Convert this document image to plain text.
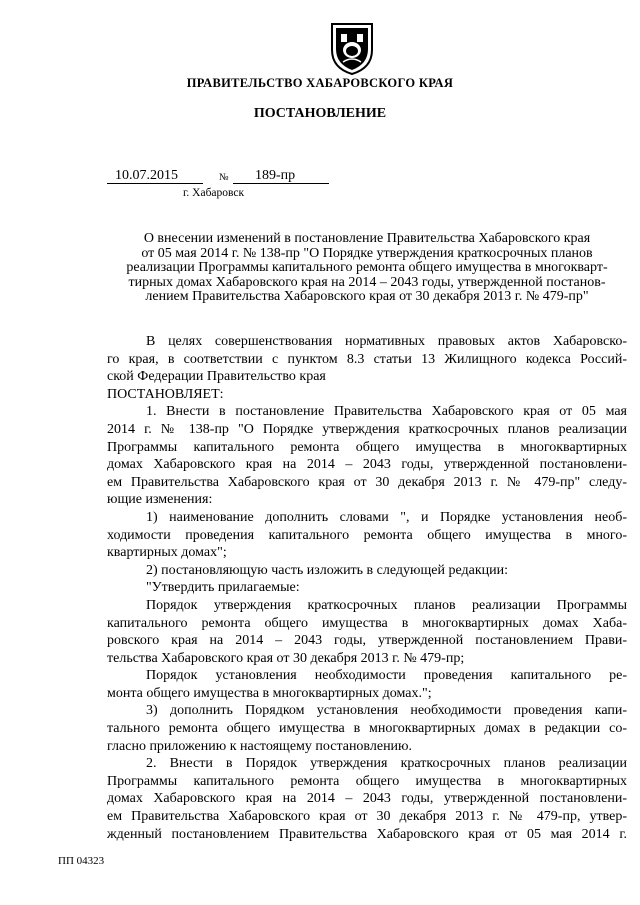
ПРАВИТЕЛЬСТВО ХАБАРОВСКОГО КРАЯ
ПОСТАНОВЛЕНИЕ
10.07.2015	№	189-пр
г. Хабаровск
О внесении изменений в постановление Правительства Хабаровского края
от 05 мая 2014 г. № 138-пр "О Порядке утверждения краткосрочных планов
реализации Программы капитального ремонта общего имущества в многокварт-
тирных домах Хабаровского края на 2014 – 2043 годы, утвержденной постанов-
лением Правительства Хабаровского края от 30 декабря 2013 г. № 479-пр"
В целях совершенствования нормативных правовых актов Хабаровско-
го края, в соответствии с пунктом 8.3 статьи 13 Жилищного кодекса Россий-
ской Федерации Правительство края
ПОСТАНОВЛЯЕТ:
1. Внести в постановление Правительства Хабаровского края от 05 мая
2014 г. № 138-пр "О Порядке утверждения краткосрочных планов реализации
Программы капитального ремонта общего имущества в многоквартирных
домах Хабаровского края на 2014 – 2043 годы, утвержденной постановлени-
ем Правительства Хабаровского края от 30 декабря 2013 г. № 479-пр" следу-
ющие изменения:
1) наименование дополнить словами ", и Порядке установления необ-
ходимости проведения капитального ремонта общего имущества в много-
квартирных домах";
2) постановляющую часть изложить в следующей редакции:
"Утвердить прилагаемые:
Порядок утверждения краткосрочных планов реализации Программы
капитального ремонта общего имущества в многоквартирных домах Хаба-
ровского края на 2014 – 2043 годы, утвержденной постановлением Прави-
тельства Хабаровского края от 30 декабря 2013 г. № 479-пр;
Порядок установления необходимости проведения капитального ре-
монта общего имущества в многоквартирных домах.";
3) дополнить Порядком установления необходимости проведения капи-
тального ремонта общего имущества в многоквартирных домах в редакции со-
гласно приложению к настоящему постановлению.
2. Внести в Порядок утверждения краткосрочных планов реализации
Программы капитального ремонта общего имущества в многоквартирных
домах Хабаровского края на 2014 – 2043 годы, утвержденной постановлени-
ем Правительства Хабаровского края от 30 декабря 2013 г. № 479-пр, утвер-
жденный постановлением Правительства Хабаровского края от 05 мая 2014 г.
ПП 04323
